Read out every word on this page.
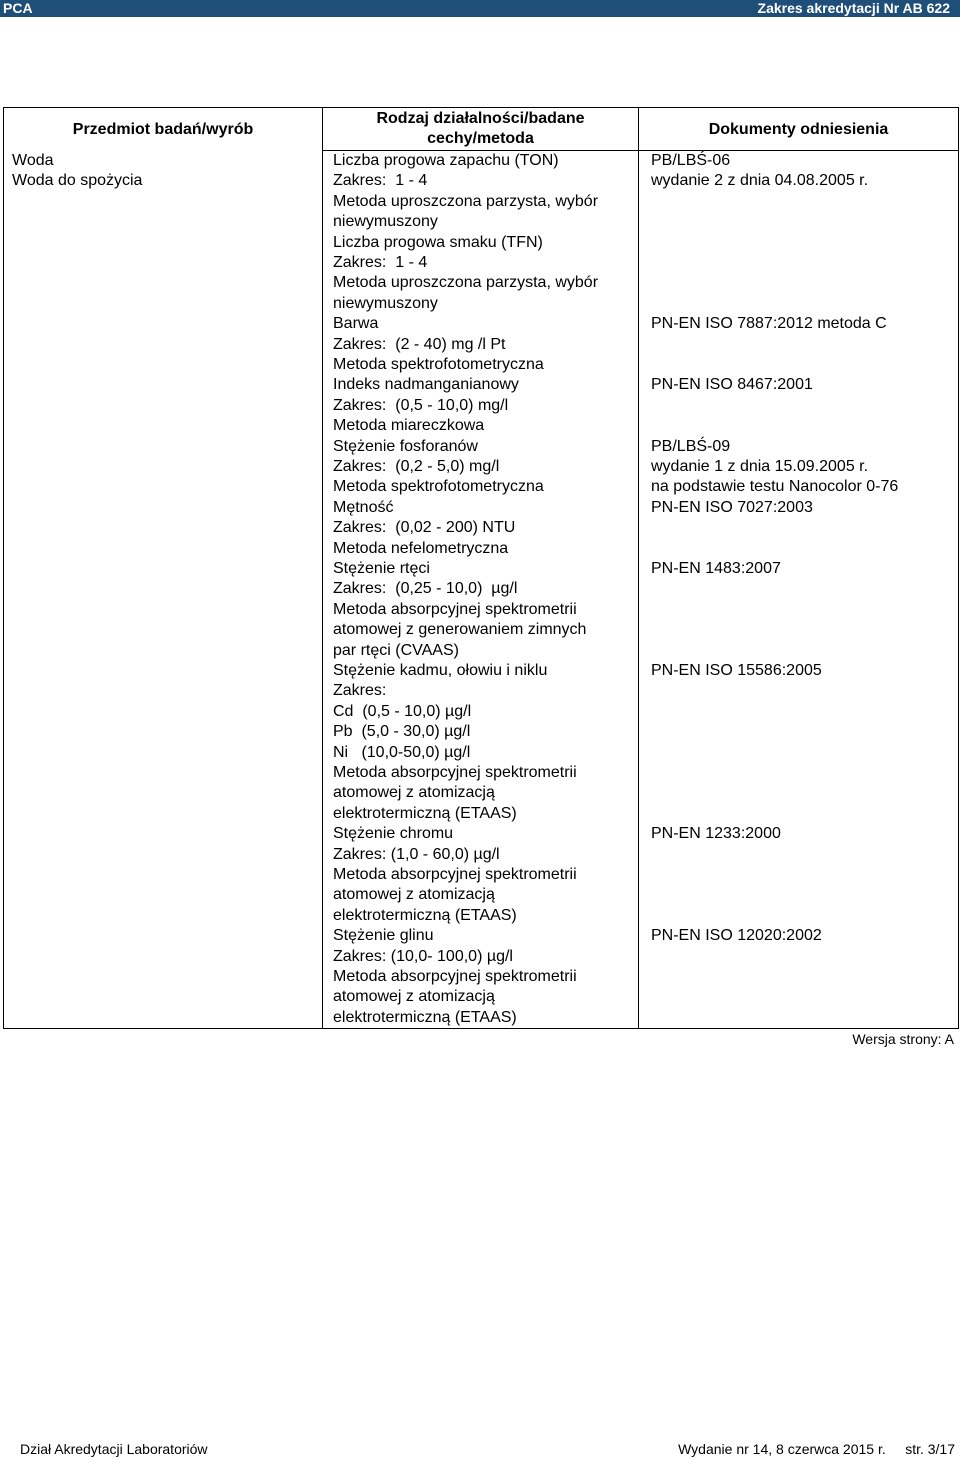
PCA	Zakres akredytacji Nr AB 622
Przedmiot badań/wyrób
Woda
Woda do spożycia
Rodzaj działalności/badane
cechy/metoda
Liczba progowa zapachu (TON)
Zakres:  1 - 4
Metoda uproszczona parzysta, wybór
niewymuszony
Liczba progowa smaku (TFN)
Zakres:  1 - 4
Metoda uproszczona parzysta, wybór
niewymuszony
Barwa
Zakres:  (2 - 40) mg /l Pt
Metoda spektrofotometryczna
Indeks nadmanganianowy
Zakres:  (0,5 - 10,0) mg/l
Metoda miareczkowa
Stężenie fosforanów
Zakres:  (0,2 - 5,0) mg/l
Metoda spektrofotometryczna
Mętność
Zakres:  (0,02 - 200) NTU
Metoda nefelometryczna
Stężenie rtęci
Zakres:  (0,25 - 10,0)  µg/l
Metoda absorpcyjnej spektrometrii
atomowej z generowaniem zimnych
par rtęci (CVAAS)
Stężenie kadmu, ołowiu i niklu
Zakres:
Cd  (0,5 - 10,0) µg/l
Pb  (5,0 - 30,0) µg/l
Ni   (10,0-50,0) µg/l
Metoda absorpcyjnej spektrometrii
atomowej z atomizacją
elektrotermiczną (ETAAS)
Stężenie chromu
Zakres: (1,0 - 60,0) µg/l
Metoda absorpcyjnej spektrometrii
atomowej z atomizacją
elektrotermiczną (ETAAS)
Stężenie glinu
Zakres: (10,0- 100,0) µg/l
Metoda absorpcyjnej spektrometrii
atomowej z atomizacją
elektrotermiczną (ETAAS)
Dokumenty odniesienia
PB/LBŚ-06
wydanie 2 z dnia 04.08.2005 r.
PN-EN ISO 7887:2012 metoda C
PN-EN ISO 8467:2001
PB/LBŚ-09
wydanie 1 z dnia 15.09.2005 r.
na podstawie testu Nanocolor 0-76
PN-EN ISO 7027:2003
PN-EN 1483:2007
PN-EN ISO 15586:2005
PN-EN 1233:2000
PN-EN ISO 12020:2002
Wersja strony: A
Dział Akredytacji Laboratoriów	Wydanie nr 14, 8 czerwca 2015 r.     str. 3/17
